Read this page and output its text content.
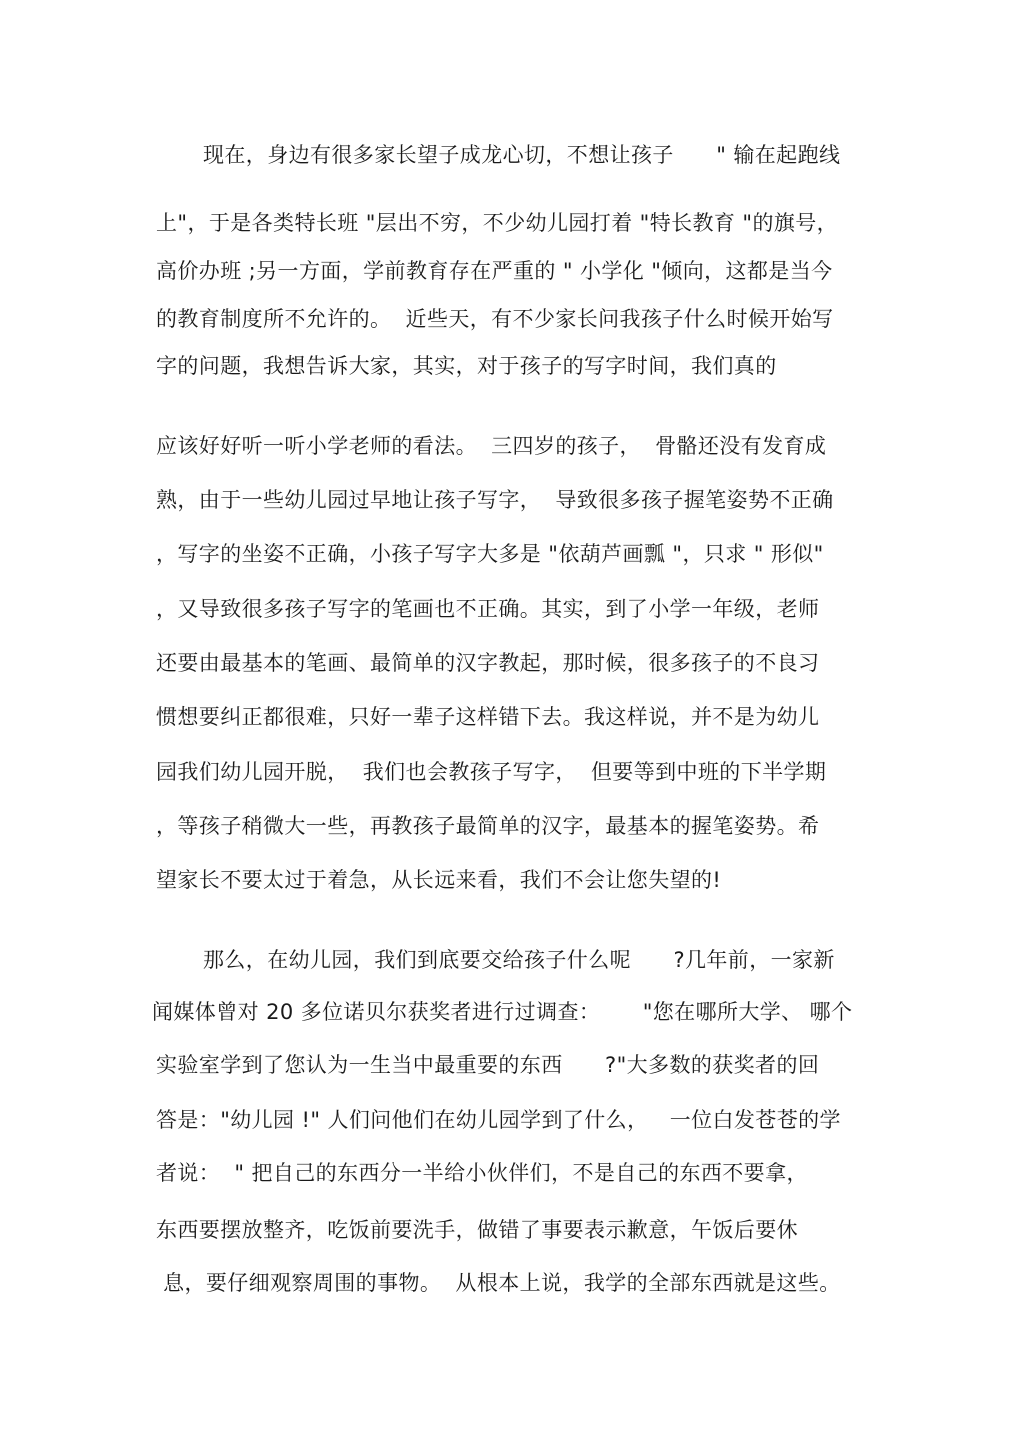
现在，身边有很多家长望子成龙心切，不想让孩子      " 输在起跑线
上"，于是各类特长班 "层出不穷，不少幼儿园打着 "特长教育 "的旗号，
高价办班 ;另一方面，学前教育存在严重的 " 小学化 "倾向，这都是当今
的教育制度所不允许的。  近些天，有不少家长问我孩子什么时候开始写
字的问题，我想告诉大家，其实，对于孩子的写字时间，我们真的
应该好好听一听小学老师的看法。  三四岁的孩子，  骨骼还没有发育成
熟，由于一些幼儿园过早地让孩子写字，  导致很多孩子握笔姿势不正确
，写字的坐姿不正确，小孩子写字大多是 "依葫芦画瓢 "，只求 " 形似"
，又导致很多孩子写字的笔画也不正确。其实，到了小学一年级，老师
还要由最基本的笔画、最简单的汉字教起，那时候，很多孩子的不良习
惯想要纠正都很难，只好一辈子这样错下去。我这样说，并不是为幼儿
园我们幼儿园开脱，  我们也会教孩子写字，  但要等到中班的下半学期
，等孩子稍微大一些，再教孩子最简单的汉字，最基本的握笔姿势。希
望家长不要太过于着急，从长远来看，我们不会让您失望的!
那么，在幼儿园，我们到底要交给孩子什么呢      ?几年前，一家新
闻媒体曾对 20 多位诺贝尔获奖者进行过调查：      "您在哪所大学、 哪个
实验室学到了您认为一生当中最重要的东西      ?"大多数的获奖者的回
答是："幼儿园 !" 人们问他们在幼儿园学到了什么，   一位白发苍苍的学
者说：  " 把自己的东西分一半给小伙伴们，不是自己的东西不要拿，
东西要摆放整齐，吃饭前要洗手，做错了事要表示歉意，午饭后要休
息，要仔细观察周围的事物。  从根本上说，我学的全部东西就是这些。
